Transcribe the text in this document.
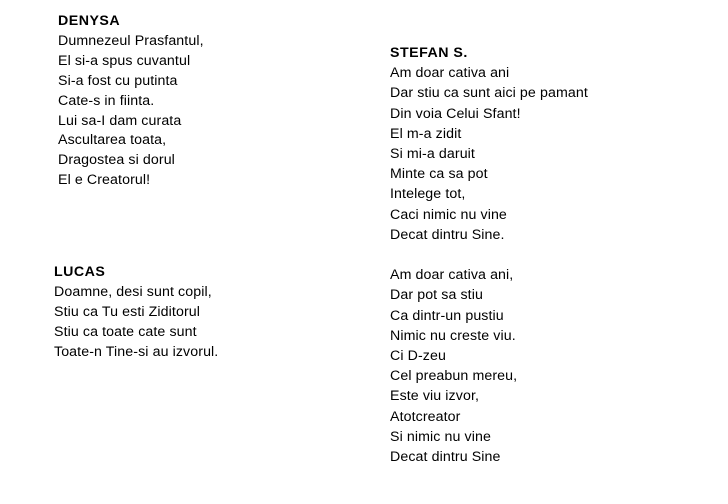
DENYSA
Dumnezeul Prasfantul,
El si-a spus cuvantul
Si-a fost cu putinta
Cate-s in fiinta.
Lui sa-I dam curata
Ascultarea toata,
Dragostea si dorul
El e Creatorul!
LUCAS
Doamne, desi sunt copil,
Stiu ca Tu esti Ziditorul
Stiu ca toate cate sunt
Toate-n Tine-si au izvorul.
STEFAN S.
Am doar cativa ani
Dar stiu ca sunt aici pe pamant
Din voia Celui Sfant!
El m-a zidit
Si mi-a daruit
Minte ca sa pot
Intelege tot,
Caci nimic nu vine
Decat dintru Sine.
Am doar cativa ani,
Dar pot sa stiu
Ca dintr-un pustiu
Nimic nu creste viu.
Ci D-zeu
Cel preabun mereu,
Este viu izvor,
Atotcreator
Si nimic nu vine
Decat dintru Sine
